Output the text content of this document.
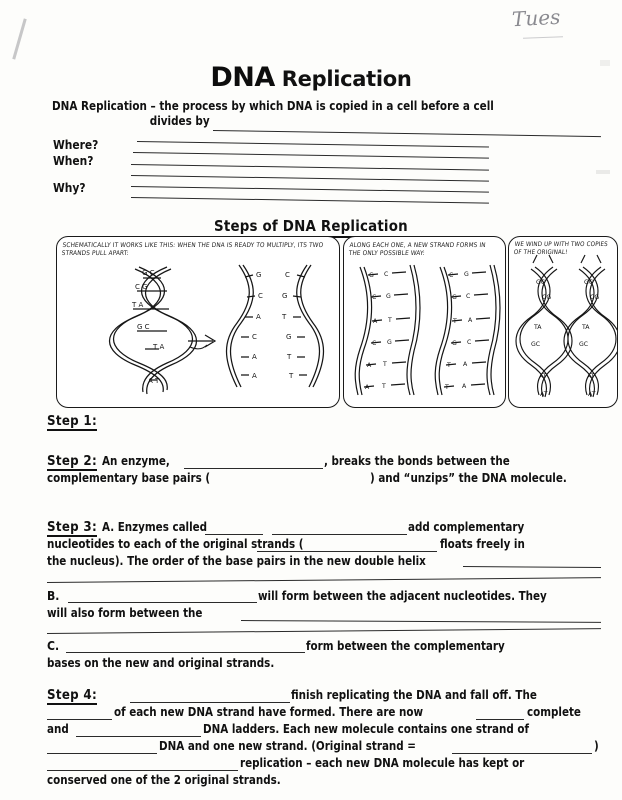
Tues
DNA Replication
DNA Replication – the process by which DNA is copied in a cell before a cell
divides by
Where?
When?
Why?
Steps of DNA Replication
SCHEMATICALLY IT WORKS LIKE THIS: WHEN THE DNA IS READY TO MULTIPLY, ITS TWO STRANDS PULL APART:
G C
C G
T A
G C
T A
A T
G
C
A
C
A
A
C
G
T
G
T
T
ALONG EACH ONE, A NEW STRAND FORMS IN THE ONLY POSSIBLE WAY:
G C
C G
A T
C G
A T
A T
C G
G C
T A
G C
T A
T A
WE WIND UP WITH TWO COPIES OF THE ORIGINAL!
GC
CG
TA
GC
AT
AT
GC
CG
TA
GC
AT
AT
Step 1:
Step 2: An enzyme,	, breaks the bonds between the
complementary base pairs (	) and “unzips” the DNA molecule.
Step 3: A. Enzymes called	add complementary
nucleotides to each of the original strands (	floats freely in
the nucleus). The order of the base pairs in the new double helix
B.	will form between the adjacent nucleotides. They
will also form between the
C.	form between the complementary
bases on the new and original strands.
Step 4:	finish replicating the DNA and fall off. The
of each new DNA strand have formed. There are now	complete
and	DNA ladders. Each new molecule contains one strand of
DNA and one new strand. (Original strand =	)
replication – each new DNA molecule has kept or
conserved one of the 2 original strands.
